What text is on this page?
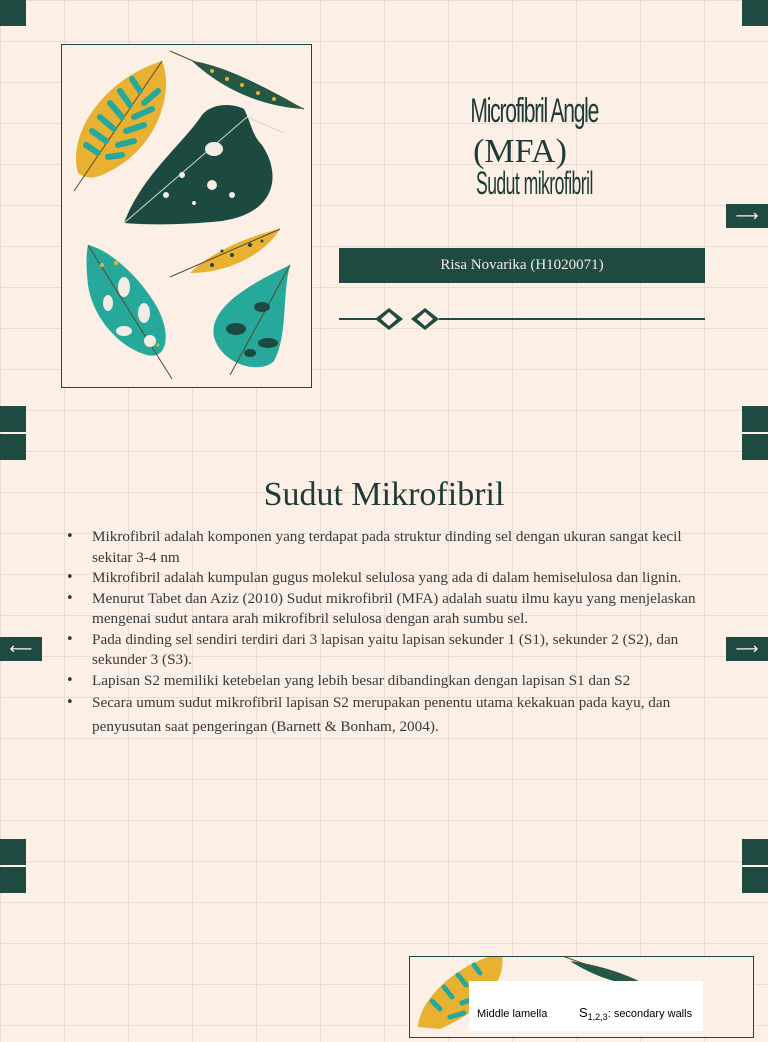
⟶
⟵	⟶
Microfibril Angle
(MFA)
Sudut mikrofibril
Risa Novarika (H1020071)
Sudut Mikrofibril
• Mikrofibril adalah komponen yang terdapat pada struktur dinding sel dengan ukuran sangat kecil sekitar 3-4 nm
• Mikrofibril adalah kumpulan gugus molekul selulosa yang ada di dalam hemiselulosa dan lignin.
• Menurut Tabet dan Aziz (2010) Sudut mikrofibril (MFA) adalah suatu ilmu kayu yang menjelaskan mengenai sudut antara arah mikrofibril selulosa dengan arah sumbu sel.
• Pada dinding sel sendiri terdiri dari 3 lapisan yaitu lapisan sekunder 1 (S1), sekunder 2 (S2), dan sekunder 3 (S3).
• Lapisan S2 memiliki ketebelan yang lebih besar dibandingkan dengan lapisan S1 dan S2
• Secara umum sudut mikrofibril lapisan S2 merupakan penentu utama kekakuan pada kayu, dan penyusutan saat pengeringan (Barnett & Bonham, 2004).
Middle lamella $S_{1,2,3}$: secondary walls
